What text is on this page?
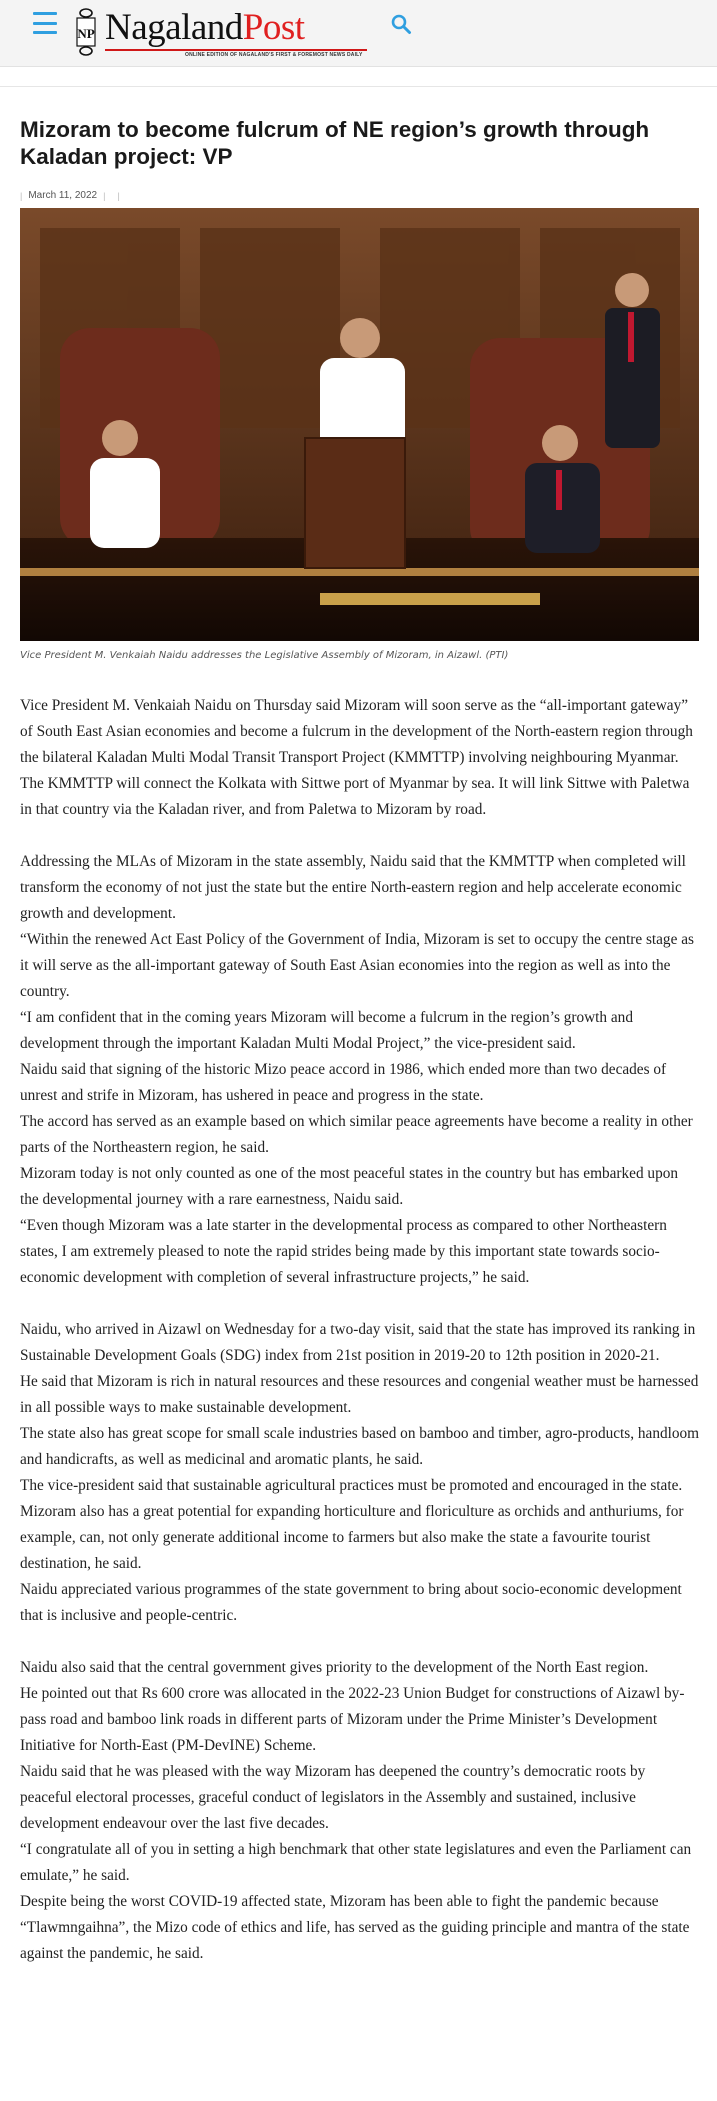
NP NagalandPost
ONLINE EDITION OF NAGALAND'S FIRST & FOREMOST NEWS DAILY
Mizoram to become fulcrum of NE region’s growth through Kaladan project: VP
| March 11, 2022 | |
Vice President M. Venkaiah Naidu addresses the Legislative Assembly of Mizoram, in Aizawl. (PTI)

Vice President M. Venkaiah Naidu on Thursday said Mizoram will soon serve as the “all-important gateway” of South East Asian economies and become a fulcrum in the development of the North-eastern region through the bilateral Kaladan Multi Modal Transit Transport Project (KMMTTP) involving neighbouring Myanmar.

The KMMTTP will connect the Kolkata with Sittwe port of Myanmar by sea. It will link Sittwe with Paletwa in that country via the Kaladan river, and from Paletwa to Mizoram by road.

Addressing the MLAs of Mizoram in the state assembly, Naidu said that the KMMTTP when completed will transform the economy of not just the state but the entire North-eastern region and help accelerate economic growth and development.

“Within the renewed Act East Policy of the Government of India, Mizoram is set to occupy the centre stage as it will serve as the all-important gateway of South East Asian economies into the region as well as into the country.

“I am confident that in the coming years Mizoram will become a fulcrum in the region’s growth and development through the important Kaladan Multi Modal Project,” the vice-president said.

Naidu said that signing of the historic Mizo peace accord in 1986, which ended more than two decades of unrest and strife in Mizoram, has ushered in peace and progress in the state.

The accord has served as an example based on which similar peace agreements have become a reality in other parts of the Northeastern region, he said.

Mizoram today is not only counted as one of the most peaceful states in the country but has embarked upon the developmental journey with a rare earnestness, Naidu said.

“Even though Mizoram was a late starter in the developmental process as compared to other Northeastern states, I am extremely pleased to note the rapid strides being made by this important state towards socio-economic development with completion of several infrastructure projects,” he said.

Naidu, who arrived in Aizawl on Wednesday for a two-day visit, said that the state has improved its ranking in Sustainable Development Goals (SDG) index from 21st position in 2019-20 to 12th position in 2020-21.

He said that Mizoram is rich in natural resources and these resources and congenial weather must be harnessed in all possible ways to make sustainable development.

The state also has great scope for small scale industries based on bamboo and timber, agro-products, handloom and handicrafts, as well as medicinal and aromatic plants, he said.

The vice-president said that sustainable agricultural practices must be promoted and encouraged in the state.

Mizoram also has a great potential for expanding horticulture and floriculture as orchids and anthuriums, for example, can, not only generate additional income to farmers but also make the state a favourite tourist destination, he said.

Naidu appreciated various programmes of the state government to bring about socio-economic development that is inclusive and people-centric.

Naidu also said that the central government gives priority to the development of the North East region.

He pointed out that Rs 600 crore was allocated in the 2022-23 Union Budget for constructions of Aizawl by-pass road and bamboo link roads in different parts of Mizoram under the Prime Minister’s Development Initiative for North-East (PM-DevINE) Scheme.

Naidu said that he was pleased with the way Mizoram has deepened the country’s democratic roots by peaceful electoral processes, graceful conduct of legislators in the Assembly and sustained, inclusive development endeavour over the last five decades.

“I congratulate all of you in setting a high benchmark that other state legislatures and even the Parliament can emulate,” he said.

Despite being the worst COVID-19 affected state, Mizoram has been able to fight the pandemic because “Tlawmngaihna”, the Mizo code of ethics and life, has served as the guiding principle and mantra of the state against the pandemic, he said.
